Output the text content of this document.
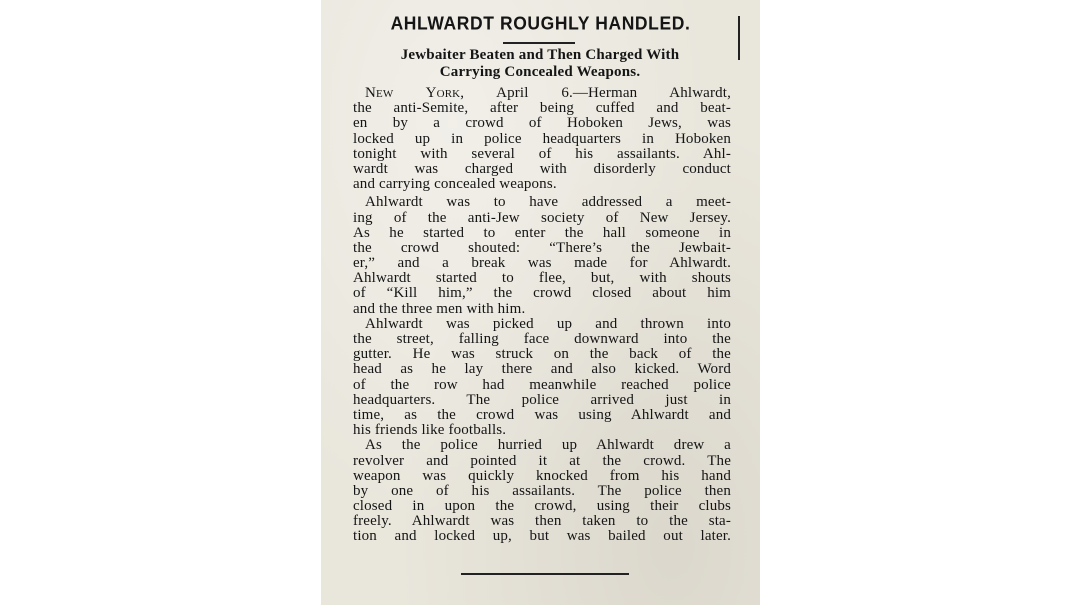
AHLWARDT ROUGHLY HANDLED.
Jewbaiter Beaten and Then Charged With
Carrying Concealed Weapons.
New York, April 6.—Herman Ahlwardt,
the anti-Semite, after being cuffed and beat-
en by a crowd of Hoboken Jews, was
locked up in police headquarters in Hoboken
tonight with several of his assailants. Ahl-
wardt was charged with disorderly conduct
and carrying concealed weapons.
Ahlwardt was to have addressed a meet-
ing of the anti-Jew society of New Jersey.
As he started to enter the hall someone in
the crowd shouted: “There’s the Jewbait-
er,” and a break was made for Ahlwardt.
Ahlwardt started to flee, but, with shouts
of “Kill him,” the crowd closed about him
and the three men with him.
Ahlwardt was picked up and thrown into
the street, falling face downward into the
gutter. He was struck on the back of the
head as he lay there and also kicked. Word
of the row had meanwhile reached police
headquarters. The police arrived just in
time, as the crowd was using Ahlwardt and
his friends like footballs.
As the police hurried up Ahlwardt drew a
revolver and pointed it at the crowd. The
weapon was quickly knocked from his hand
by one of his assailants. The police then
closed in upon the crowd, using their clubs
freely. Ahlwardt was then taken to the sta-
tion and locked up, but was bailed out later.
